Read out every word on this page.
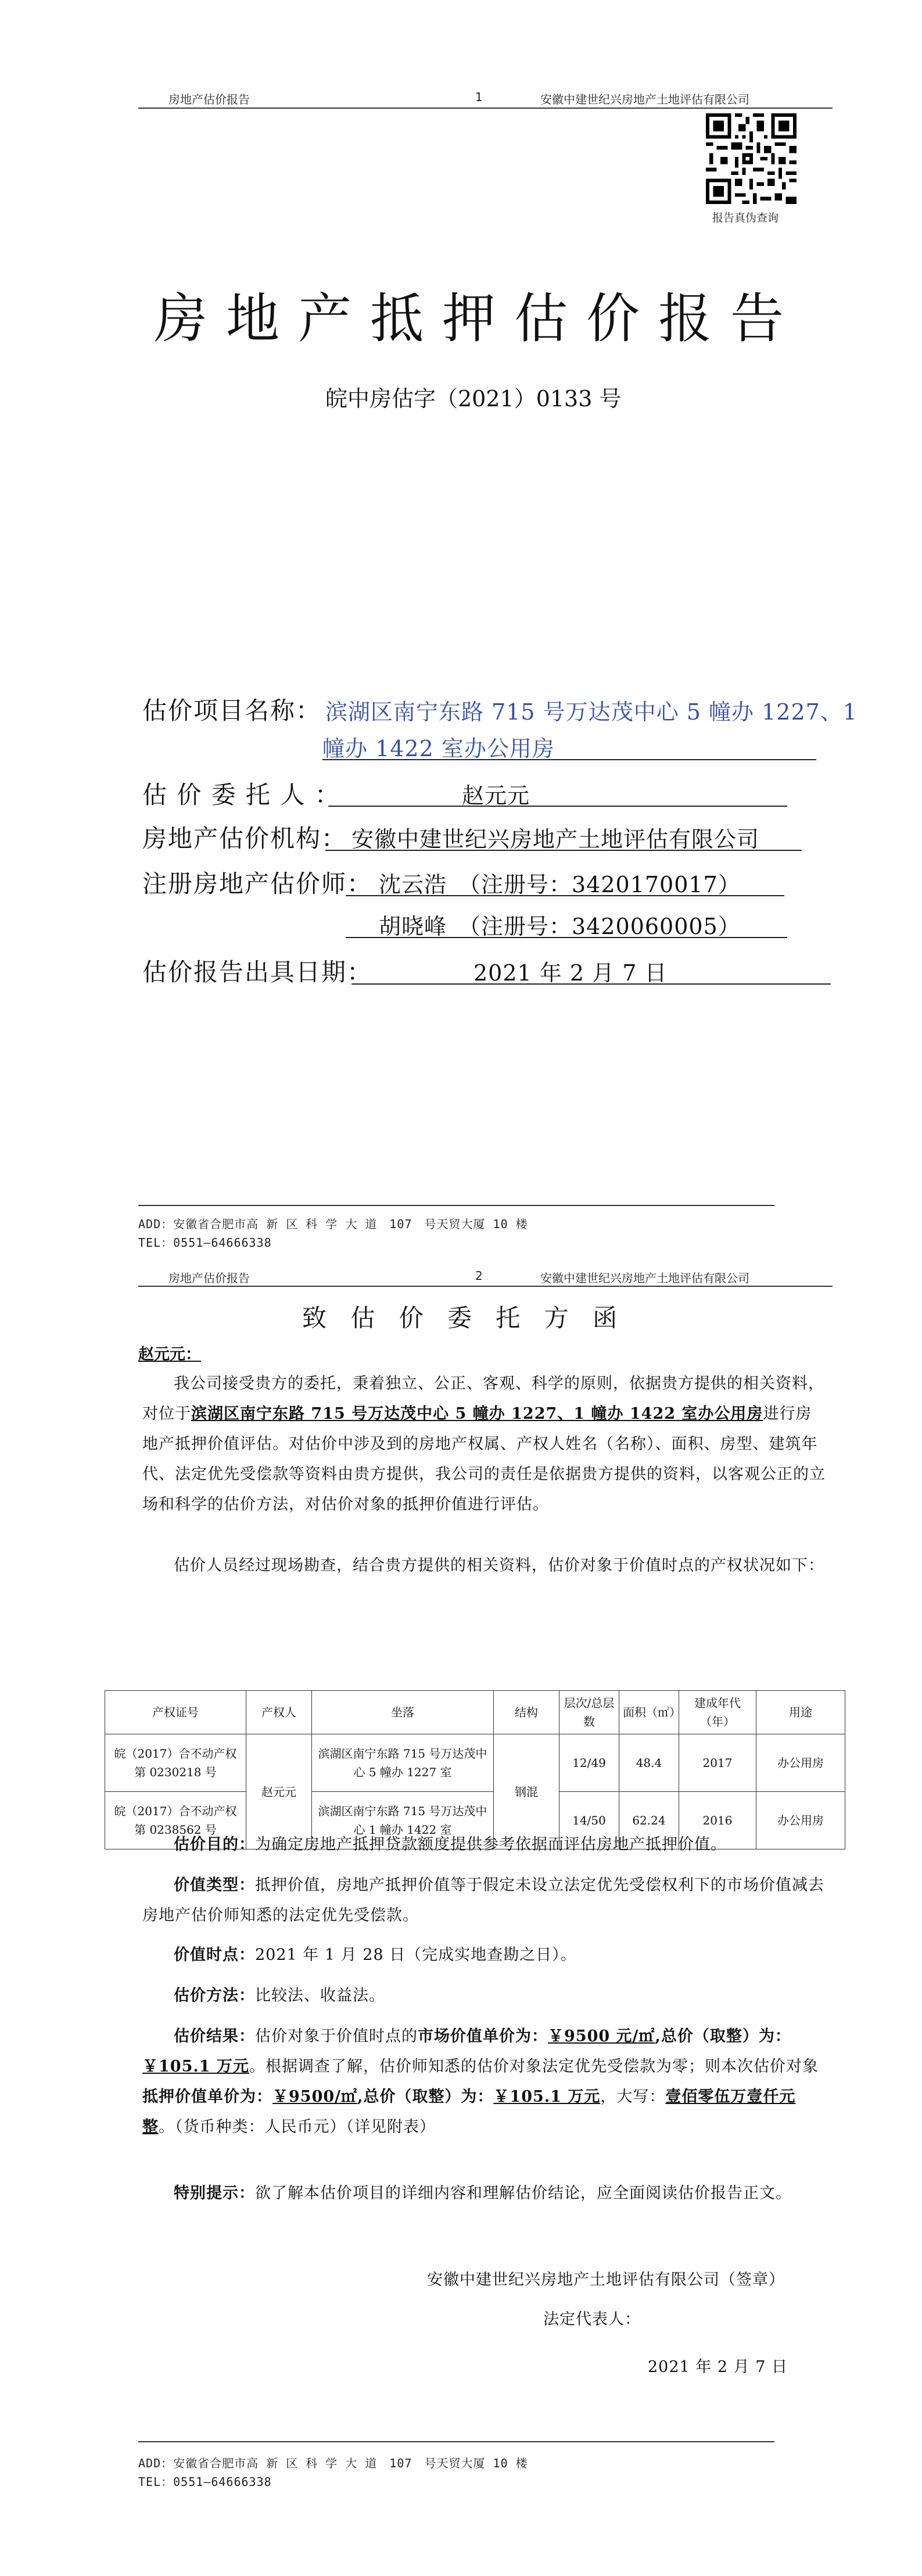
房地产估价报告	1	安徽中建世纪兴房地产土地评估有限公司
报告真伪查询
房地产抵押估价报告
皖中房估字（2021）0133 号
估价项目名称： 滨湖区南宁东路 715 号万达茂中心 5 幢办 1227、1
幢办 1422 室办公用房
估 价 委 托 人 ：	赵元元
房地产估价机构： 安徽中建世纪兴房地产土地评估有限公司
注册房地产估价师： 沈云浩　（注册号：3420170017）
胡晓峰　（注册号：3420060005）
估价报告出具日期：	2021 年 2 月 7 日
ADD：安徽省合肥市高 新 区 科 学 大 道　107　号天贸大厦 10 楼
TEL：0551—64666338
房地产估价报告	2	安徽中建世纪兴房地产土地评估有限公司
致 估 价 委 托 方 函
赵元元：
我公司接受贵方的委托，秉着独立、公正、客观、科学的原则，依据贵方提供的相关资料，对位于滨湖区南宁东路 715 号万达茂中心 5 幢办 1227、1 幢办 1422 室办公用房进行房地产抵押价值评估。对估价中涉及到的房地产权属、产权人姓名（名称）、面积、房型、建筑年代、法定优先受偿款等资料由贵方提供，我公司的责任是依据贵方提供的资料，以客观公正的立场和科学的估价方法，对估价对象的抵押价值进行评估。
估价人员经过现场勘查，结合贵方提供的相关资料，估价对象于价值时点的产权状况如下：
产权证号	产权人	坐落	结构	层次/总层数	面积（㎡）	建成年代（年）	用途
皖（2017）合不动产权第 0230218 号	赵元元	滨湖区南宁东路 715 号万达茂中心 5 幢办 1227 室	钢混	12/49	48.4	2017	办公用房
皖（2017）合不动产权第 0238562 号		滨湖区南宁东路 715 号万达茂中心 1 幢办 1422 室		14/50	62.24	2016	办公用房
估价目的：为确定房地产抵押贷款额度提供参考依据而评估房地产抵押价值。
价值类型：抵押价值，房地产抵押价值等于假定未设立法定优先受偿权利下的市场价值减去房地产估价师知悉的法定优先受偿款。
价值时点：2021 年 1 月 28 日（完成实地查勘之日）。
估价方法：比较法、收益法。
估价结果：估价对象于价值时点的市场价值单价为：￥9500 元/㎡,总价（取整）为：￥105.1 万元。根据调查了解，估价师知悉的估价对象法定优先受偿款为零；则本次估价对象抵押价值单价为：￥9500/㎡,总价（取整）为：￥105.1 万元，大写：壹佰零伍万壹仟元整。（货币种类：人民币元）（详见附表）
特别提示：欲了解本估价项目的详细内容和理解估价结论，应全面阅读估价报告正文。
安徽中建世纪兴房地产土地评估有限公司（签章）
法定代表人：
2021 年 2 月 7 日
ADD：安徽省合肥市高 新 区 科 学 大 道　107　号天贸大厦 10 楼
TEL：0551—64666338
